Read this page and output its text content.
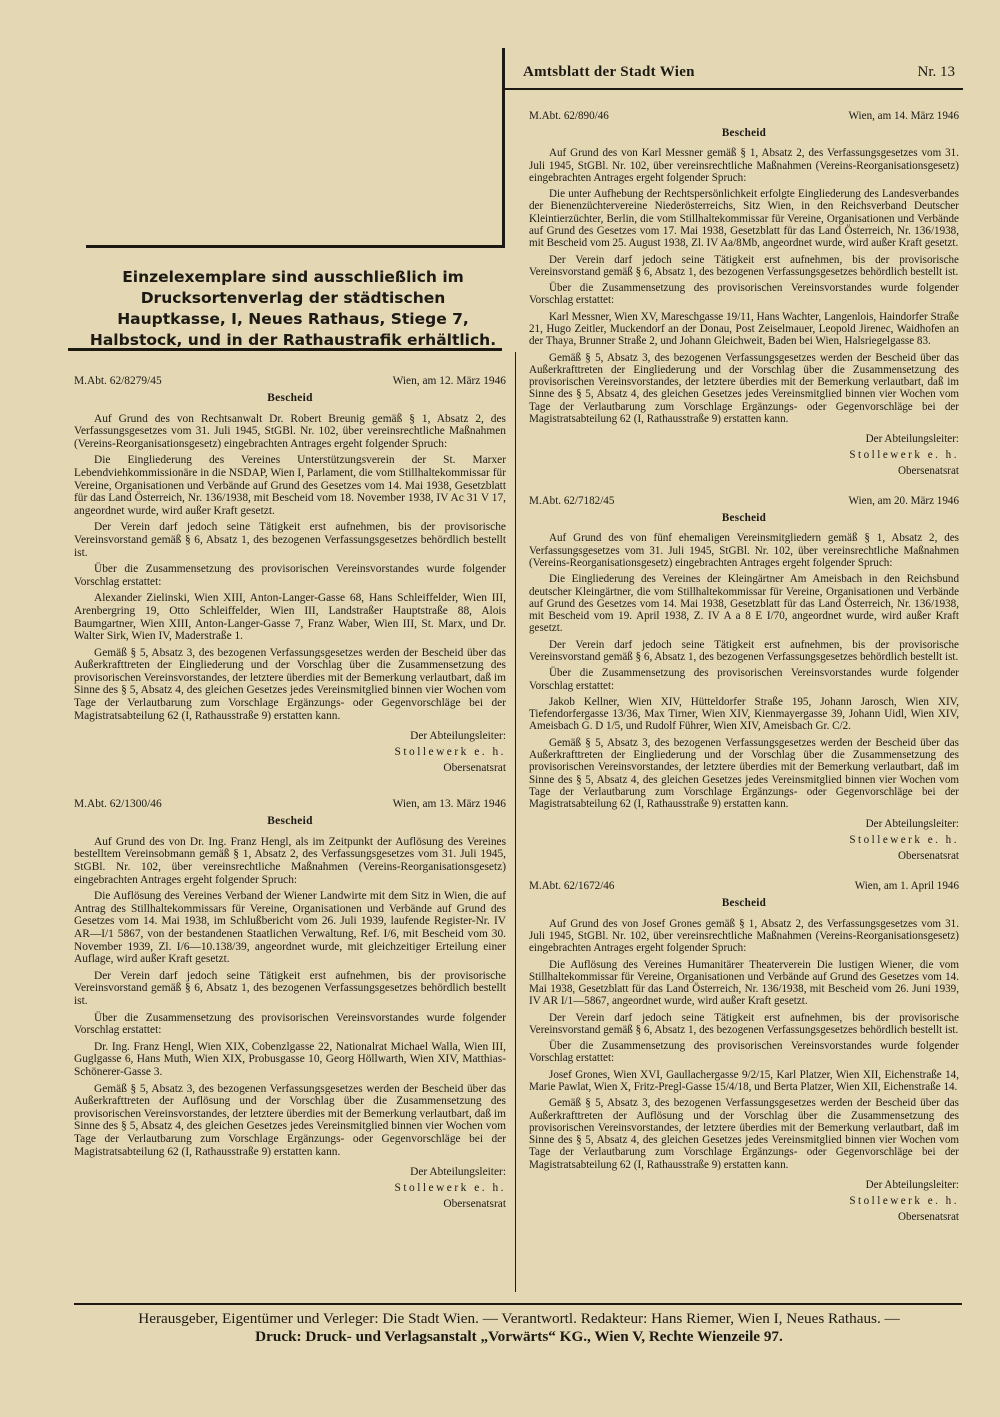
Amtsblatt der Stadt Wien	Nr. 13
Einzelexemplare sind ausschließlich im Drucksortenverlag der städtischen Hauptkasse, I, Neues Rathaus, Stiege 7, Halbstock, und in der Rathaustrafik erhältlich.
M.Abt. 62/8279/45	Wien, am 12. März 1946
Bescheid

Auf Grund des von Rechtsanwalt Dr. Robert Breunig gemäß § 1, Absatz 2, des Verfassungsgesetzes vom 31. Juli 1945, StGBl. Nr. 102, über vereinsrechtliche Maßnahmen (Vereins-Reorganisationsgesetz) eingebrachten Antrages ergeht folgender Spruch:

Die Eingliederung des Vereines Unterstützungsverein der St. Marxer Lebendviehkommissionäre in die NSDAP, Wien I, Parlament, die vom Stillhaltekommissar für Vereine, Organisationen und Verbände auf Grund des Gesetzes vom 14. Mai 1938, Gesetzblatt für das Land Österreich, Nr. 136/1938, mit Bescheid vom 18. November 1938, IV Ac 31 V 17, angeordnet wurde, wird außer Kraft gesetzt.

Der Verein darf jedoch seine Tätigkeit erst aufnehmen, bis der provisorische Vereinsvorstand gemäß § 6, Absatz 1, des bezogenen Verfassungsgesetzes behördlich bestellt ist.

Über die Zusammensetzung des provisorischen Vereinsvorstandes wurde folgender Vorschlag erstattet:

Alexander Zielinski, Wien XIII, Anton-Langer-Gasse 68, Hans Schleiffelder, Wien III, Arenbergring 19, Otto Schleiffelder, Wien III, Landstraßer Hauptstraße 88, Alois Baumgartner, Wien XIII, Anton-Langer-Gasse 7, Franz Waber, Wien III, St. Marx, und Dr. Walter Sirk, Wien IV, Maderstraße 1.

Gemäß § 5, Absatz 3, des bezogenen Verfassungsgesetzes werden der Bescheid über das Außerkrafttreten der Eingliederung und der Vorschlag über die Zusammensetzung des provisorischen Vereinsvorstandes, der letztere überdies mit der Bemerkung verlautbart, daß im Sinne des § 5, Absatz 4, des gleichen Gesetzes jedes Vereinsmitglied binnen vier Wochen vom Tage der Verlautbarung zum Vorschlage Ergänzungs- oder Gegenvorschläge bei der Magistratsabteilung 62 (I, Rathausstraße 9) erstatten kann.

Der Abteilungsleiter:
Stollewerk e. h.
Obersenatsrat
M.Abt. 62/1300/46	Wien, am 13. März 1946
Bescheid

Auf Grund des von Dr. Ing. Franz Hengl, als im Zeitpunkt der Auflösung des Vereines bestelltem Vereinsobmann gemäß § 1, Absatz 2, des Verfassungsgesetzes vom 31. Juli 1945, StGBl. Nr. 102, über vereinsrechtliche Maßnahmen (Vereins-Reorganisationsgesetz) eingebrachten Antrages ergeht folgender Spruch:

Die Auflösung des Vereines Verband der Wiener Landwirte mit dem Sitz in Wien, die auf Antrag des Stillhaltekommissars für Vereine, Organisationen und Verbände auf Grund des Gesetzes vom 14. Mai 1938, im Schlußbericht vom 26. Juli 1939, laufende Register-Nr. IV AR—I/1 5867, von der bestandenen Staatlichen Verwaltung, Ref. I/6, mit Bescheid vom 30. November 1939, Zl. I/6—10.138/39, angeordnet wurde, mit gleichzeitiger Erteilung einer Auflage, wird außer Kraft gesetzt.

Der Verein darf jedoch seine Tätigkeit erst aufnehmen, bis der provisorische Vereinsvorstand gemäß § 6, Absatz 1, des bezogenen Verfassungsgesetzes behördlich bestellt ist.

Über die Zusammensetzung des provisorischen Vereinsvorstandes wurde folgender Vorschlag erstattet:

Dr. Ing. Franz Hengl, Wien XIX, Cobenzlgasse 22, Nationalrat Michael Walla, Wien III, Guglgasse 6, Hans Muth, Wien XIX, Probusgasse 10, Georg Höllwarth, Wien XIV, Matthias-Schönerer-Gasse 3.

Gemäß § 5, Absatz 3, des bezogenen Verfassungsgesetzes werden der Bescheid über das Außerkrafttreten der Auflösung und der Vorschlag über die Zusammensetzung des provisorischen Vereinsvorstandes, der letztere überdies mit der Bemerkung verlautbart, daß im Sinne des § 5, Absatz 4, des gleichen Gesetzes jedes Vereinsmitglied binnen vier Wochen vom Tage der Verlautbarung zum Vorschlage Ergänzungs- oder Gegenvorschläge bei der Magistratsabteilung 62 (I, Rathausstraße 9) erstatten kann.

Der Abteilungsleiter:
Stollewerk e. h.
Obersenatsrat
M.Abt. 62/890/46	Wien, am 14. März 1946
Bescheid

Auf Grund des von Karl Messner gemäß § 1, Absatz 2, des Verfassungsgesetzes vom 31. Juli 1945, StGBl. Nr. 102, über vereinsrechtliche Maßnahmen (Vereins-Reorganisationsgesetz) eingebrachten Antrages ergeht folgender Spruch:

Die unter Aufhebung der Rechtspersönlichkeit erfolgte Eingliederung des Landesverbandes der Bienenzüchtervereine Niederösterreichs, Sitz Wien, in den Reichsverband Deutscher Kleintierzüchter, Berlin, die vom Stillhaltekommissar für Vereine, Organisationen und Verbände auf Grund des Gesetzes vom 17. Mai 1938, Gesetzblatt für das Land Österreich, Nr. 136/1938, mit Bescheid vom 25. August 1938, Zl. IV Aa/8Mb, angeordnet wurde, wird außer Kraft gesetzt.

Der Verein darf jedoch seine Tätigkeit erst aufnehmen, bis der provisorische Vereinsvorstand gemäß § 6, Absatz 1, des bezogenen Verfassungsgesetzes behördlich bestellt ist.

Über die Zusammensetzung des provisorischen Vereinsvorstandes wurde folgender Vorschlag erstattet:

Karl Messner, Wien XV, Mareschgasse 19/11, Hans Wachter, Langenlois, Haindorfer Straße 21, Hugo Zeitler, Muckendorf an der Donau, Post Zeiselmauer, Leopold Jirenec, Waidhofen an der Thaya, Brunner Straße 2, und Johann Gleichweit, Baden bei Wien, Halsriegelgasse 83.

Gemäß § 5, Absatz 3, des bezogenen Verfassungsgesetzes werden der Bescheid über das Außerkrafttreten der Eingliederung und der Vorschlag über die Zusammensetzung des provisorischen Vereinsvorstandes, der letztere überdies mit der Bemerkung verlautbart, daß im Sinne des § 5, Absatz 4, des gleichen Gesetzes jedes Vereinsmitglied binnen vier Wochen vom Tage der Verlautbarung zum Vorschlage Ergänzungs- oder Gegenvorschläge bei der Magistratsabteilung 62 (I, Rathausstraße 9) erstatten kann.

Der Abteilungsleiter:
Stollewerk e. h.
Obersenatsrat
M.Abt. 62/7182/45	Wien, am 20. März 1946
Bescheid

Auf Grund des von fünf ehemaligen Vereinsmitgliedern gemäß § 1, Absatz 2, des Verfassungsgesetzes vom 31. Juli 1945, StGBl. Nr. 102, über vereinsrechtliche Maßnahmen (Vereins-Reorganisationsgesetz) eingebrachten Antrages ergeht folgender Spruch:

Die Eingliederung des Vereines der Kleingärtner Am Ameisbach in den Reichsbund deutscher Kleingärtner, die vom Stillhaltekommissar für Vereine, Organisationen und Verbände auf Grund des Gesetzes vom 14. Mai 1938, Gesetzblatt für das Land Österreich, Nr. 136/1938, mit Bescheid vom 19. April 1938, Z. IV A a 8 E I/70, angeordnet wurde, wird außer Kraft gesetzt.

Der Verein darf jedoch seine Tätigkeit erst aufnehmen, bis der provisorische Vereinsvorstand gemäß § 6, Absatz 1, des bezogenen Verfassungsgesetzes behördlich bestellt ist.

Über die Zusammensetzung des provisorischen Vereinsvorstandes wurde folgender Vorschlag erstattet:

Jakob Kellner, Wien XIV, Hütteldorfer Straße 195, Johann Jarosch, Wien XIV, Tiefendorfergasse 13/36, Max Tirner, Wien XIV, Kienmayergasse 39, Johann Uidl, Wien XIV, Ameisbach G. D 1/5, und Rudolf Führer, Wien XIV, Ameisbach Gr. C/2.

Gemäß § 5, Absatz 3, des bezogenen Verfassungsgesetzes werden der Bescheid über das Außerkrafttreten der Eingliederung und der Vorschlag über die Zusammensetzung des provisorischen Vereinsvorstandes, der letztere überdies mit der Bemerkung verlautbart, daß im Sinne des § 5, Absatz 4, des gleichen Gesetzes jedes Vereinsmitglied binnen vier Wochen vom Tage der Verlautbarung zum Vorschlage Ergänzungs- oder Gegenvorschläge bei der Magistratsabteilung 62 (I, Rathausstraße 9) erstatten kann.

Der Abteilungsleiter:
Stollewerk e. h.
Obersenatsrat
M.Abt. 62/1672/46	Wien, am 1. April 1946
Bescheid

Auf Grund des von Josef Grones gemäß § 1, Absatz 2, des Verfassungsgesetzes vom 31. Juli 1945, StGBl. Nr. 102, über vereinsrechtliche Maßnahmen (Vereins-Reorganisationsgesetz) eingebrachten Antrages ergeht folgender Spruch:

Die Auflösung des Vereines Humanitärer Theaterverein Die lustigen Wiener, die vom Stillhaltekommissar für Vereine, Organisationen und Verbände auf Grund des Gesetzes vom 14. Mai 1938, Gesetzblatt für das Land Österreich, Nr. 136/1938, mit Bescheid vom 26. Juni 1939, IV AR I/1—5867, angeordnet wurde, wird außer Kraft gesetzt.

Der Verein darf jedoch seine Tätigkeit erst aufnehmen, bis der provisorische Vereinsvorstand gemäß § 6, Absatz 1, des bezogenen Verfassungsgesetzes behördlich bestellt ist.

Über die Zusammensetzung des provisorischen Vereinsvorstandes wurde folgender Vorschlag erstattet:

Josef Grones, Wien XVI, Gaullachergasse 9/2/15, Karl Platzer, Wien XII, Eichenstraße 14, Marie Pawlat, Wien X, Fritz-Pregl-Gasse 15/4/18, und Berta Platzer, Wien XII, Eichenstraße 14.

Gemäß § 5, Absatz 3, des bezogenen Verfassungsgesetzes werden der Bescheid über das Außerkrafttreten der Auflösung und der Vorschlag über die Zusammensetzung des provisorischen Vereinsvorstandes, der letztere überdies mit der Bemerkung verlautbart, daß im Sinne des § 5, Absatz 4, des gleichen Gesetzes jedes Vereinsmitglied binnen vier Wochen vom Tage der Verlautbarung zum Vorschlage Ergänzungs- oder Gegenvorschläge bei der Magistratsabteilung 62 (I, Rathausstraße 9) erstatten kann.

Der Abteilungsleiter:
Stollewerk e. h.
Obersenatsrat
Herausgeber, Eigentümer und Verleger: Die Stadt Wien. — Verantwortl. Redakteur: Hans Riemer, Wien I, Neues Rathaus. —
Druck: Druck- und Verlagsanstalt „Vorwärts“ KG., Wien V, Rechte Wienzeile 97.
